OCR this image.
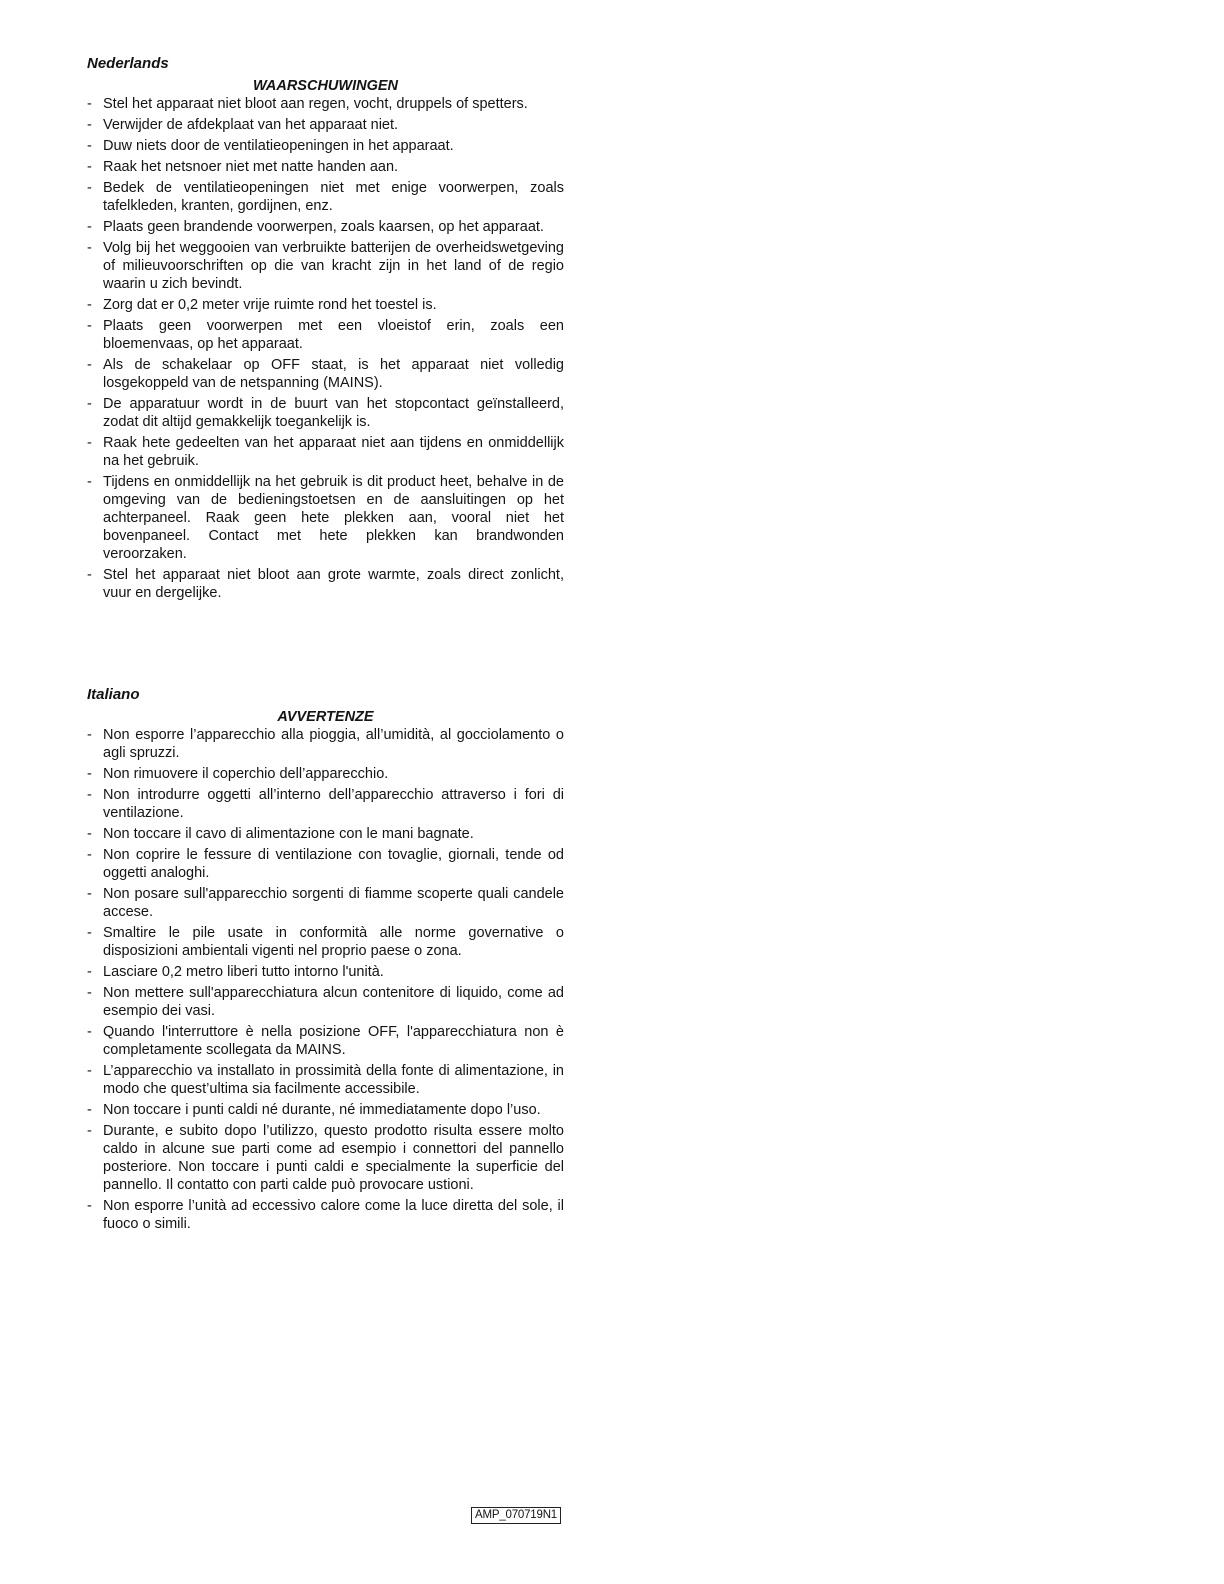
Nederlands

WAARSCHUWINGEN

- Stel het apparaat niet bloot aan regen, vocht, druppels of spetters.
- Verwijder de afdekplaat van het apparaat niet.
- Duw niets door de ventilatieopeningen in het apparaat.
- Raak het netsnoer niet met natte handen aan.
- Bedek de ventilatieopeningen niet met enige voorwerpen, zoals tafelkleden, kranten, gordijnen, enz.
- Plaats geen brandende voorwerpen, zoals kaarsen, op het apparaat.
- Volg bij het weggooien van verbruikte batterijen de overheidswetgeving of milieuvoorschriften op die van kracht zijn in het land of de regio waarin u zich bevindt.
- Zorg dat er 0,2 meter vrije ruimte rond het toestel is.
- Plaats geen voorwerpen met een vloeistof erin, zoals een bloemenvaas, op het apparaat.
- Als de schakelaar op OFF staat, is het apparaat niet volledig losgekoppeld van de netspanning (MAINS).
- De apparatuur wordt in de buurt van het stopcontact geïnstalleerd, zodat dit altijd gemakkelijk toegankelijk is.
- Raak hete gedeelten van het apparaat niet aan tijdens en onmiddellijk na het gebruik.
- Tijdens en onmiddellijk na het gebruik is dit product heet, behalve in de omgeving van de bedieningstoetsen en de aansluitingen op het achterpaneel. Raak geen hete plekken aan, vooral niet het bovenpaneel. Contact met hete plekken kan brandwonden veroorzaken.
- Stel het apparaat niet bloot aan grote warmte, zoals direct zonlicht, vuur en dergelijke.

Italiano

AVVERTENZE

- Non esporre l’apparecchio alla pioggia, all’umidità, al gocciolamento o agli spruzzi.
- Non rimuovere il coperchio dell’apparecchio.
- Non introdurre oggetti all’interno dell’apparecchio attraverso i fori di ventilazione.
- Non toccare il cavo di alimentazione con le mani bagnate.
- Non coprire le fessure di ventilazione con tovaglie, giornali, tende od oggetti analoghi.
- Non posare sull'apparecchio sorgenti di fiamme scoperte quali candele accese.
- Smaltire le pile usate in conformità alle norme governative o disposizioni ambientali vigenti nel proprio paese o zona.
- Lasciare 0,2 metro liberi tutto intorno l'unità.
- Non mettere sull'apparecchiatura alcun contenitore di liquido, come ad esempio dei vasi.
- Quando l'interruttore è nella posizione OFF, l'apparecchiatura non è completamente scollegata da MAINS.
- L’apparecchio va installato in prossimità della fonte di alimentazione, in modo che quest’ultima sia facilmente accessibile.
- Non toccare i punti caldi né durante, né immediatamente dopo l’uso.
- Durante, e subito dopo l’utilizzo, questo prodotto risulta essere molto caldo in alcune sue parti come ad esempio i connettori del pannello posteriore. Non toccare i punti caldi e specialmente la superficie del pannello. Il contatto con parti calde può provocare ustioni.
- Non esporre l’unità ad eccessivo calore come la luce diretta del sole, il fuoco o simili.
AMP_070719N1
